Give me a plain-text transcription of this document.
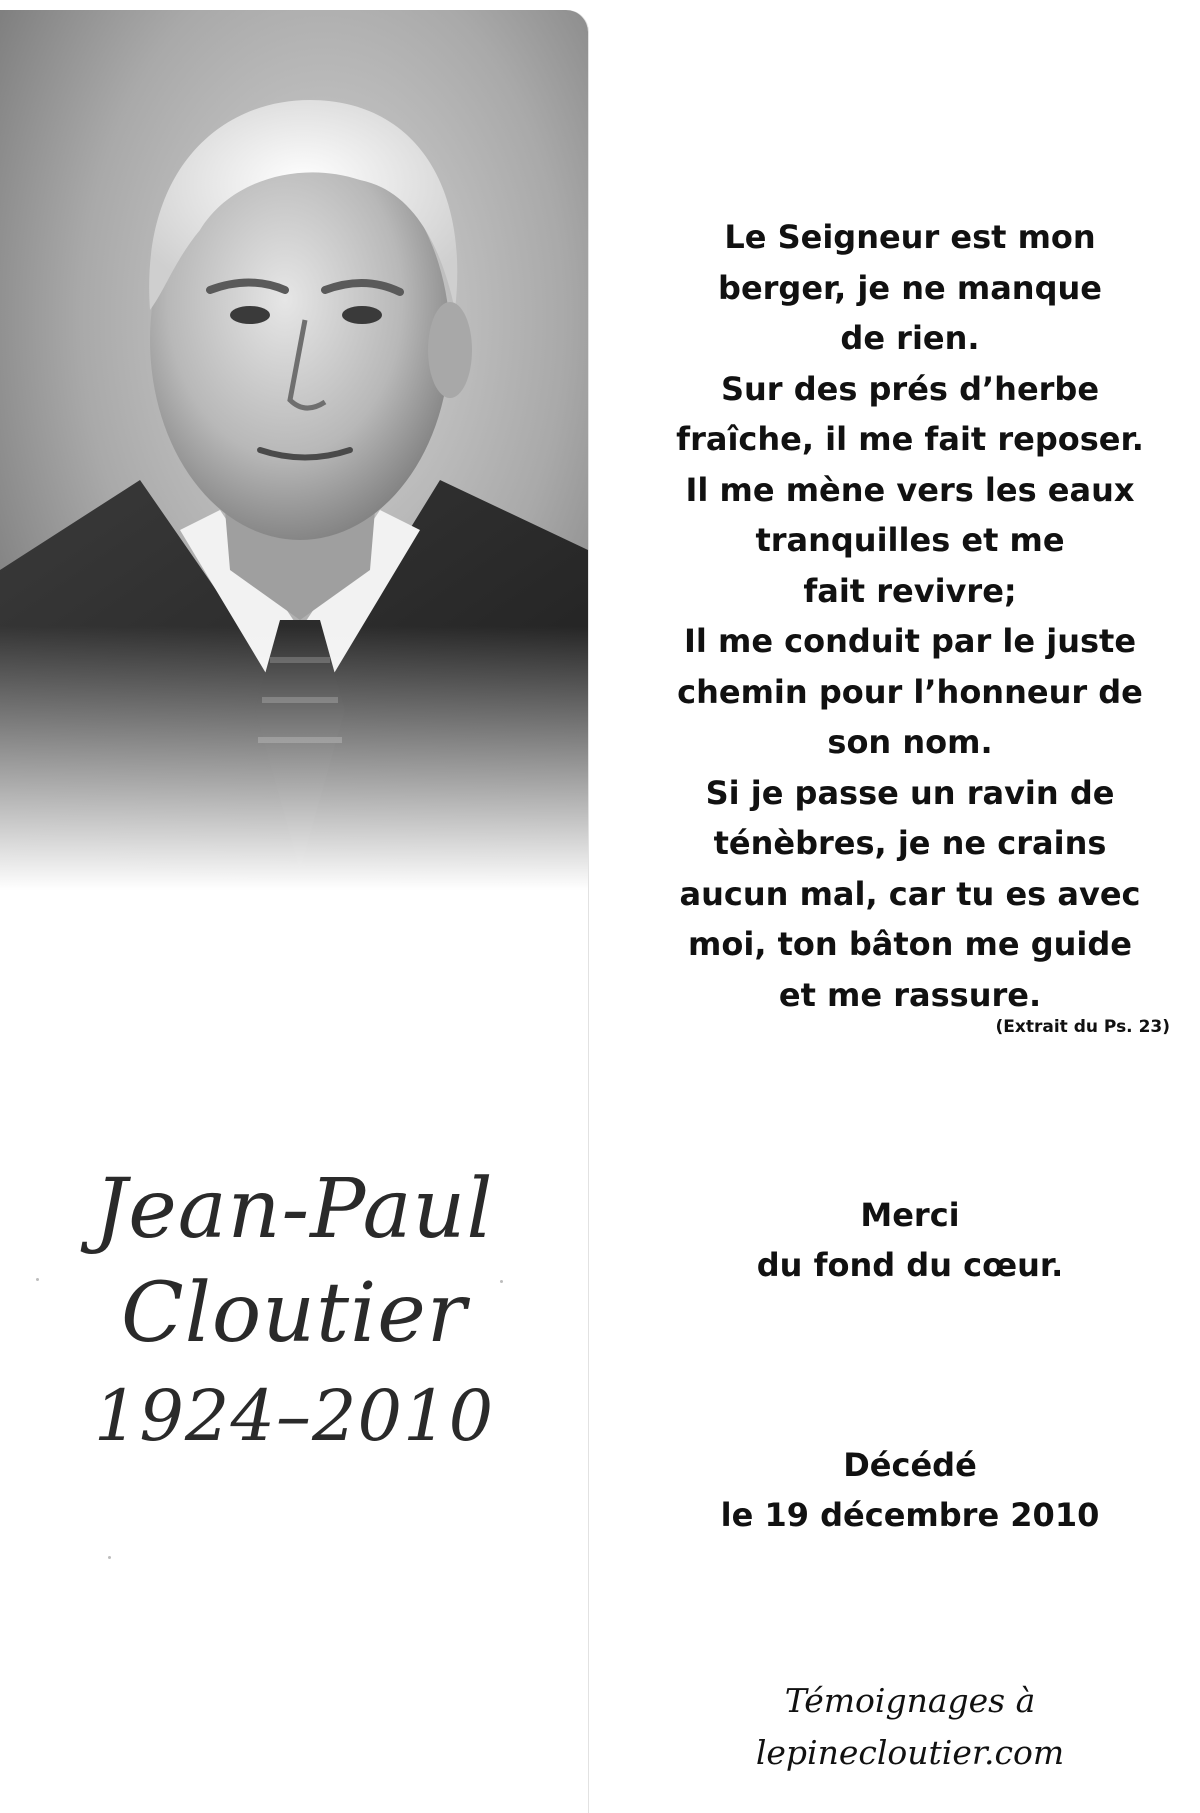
Jean-Paul
Cloutier
1924–2010
Le Seigneur est mon
berger, je ne manque
de rien.
Sur des prés d’herbe
fraîche, il me fait reposer.
Il me mène vers les eaux
tranquilles et me
fait revivre;
Il me conduit par le juste
chemin pour l’honneur de
son nom.
Si je passe un ravin de
ténèbres, je ne crains
aucun mal, car tu es avec
moi, ton bâton me guide
et me rassure.
(Extrait du Ps. 23)
Merci
du fond du cœur.
Décédé
le 19 décembre 2010
Témoignages à
lepinecloutier.com
